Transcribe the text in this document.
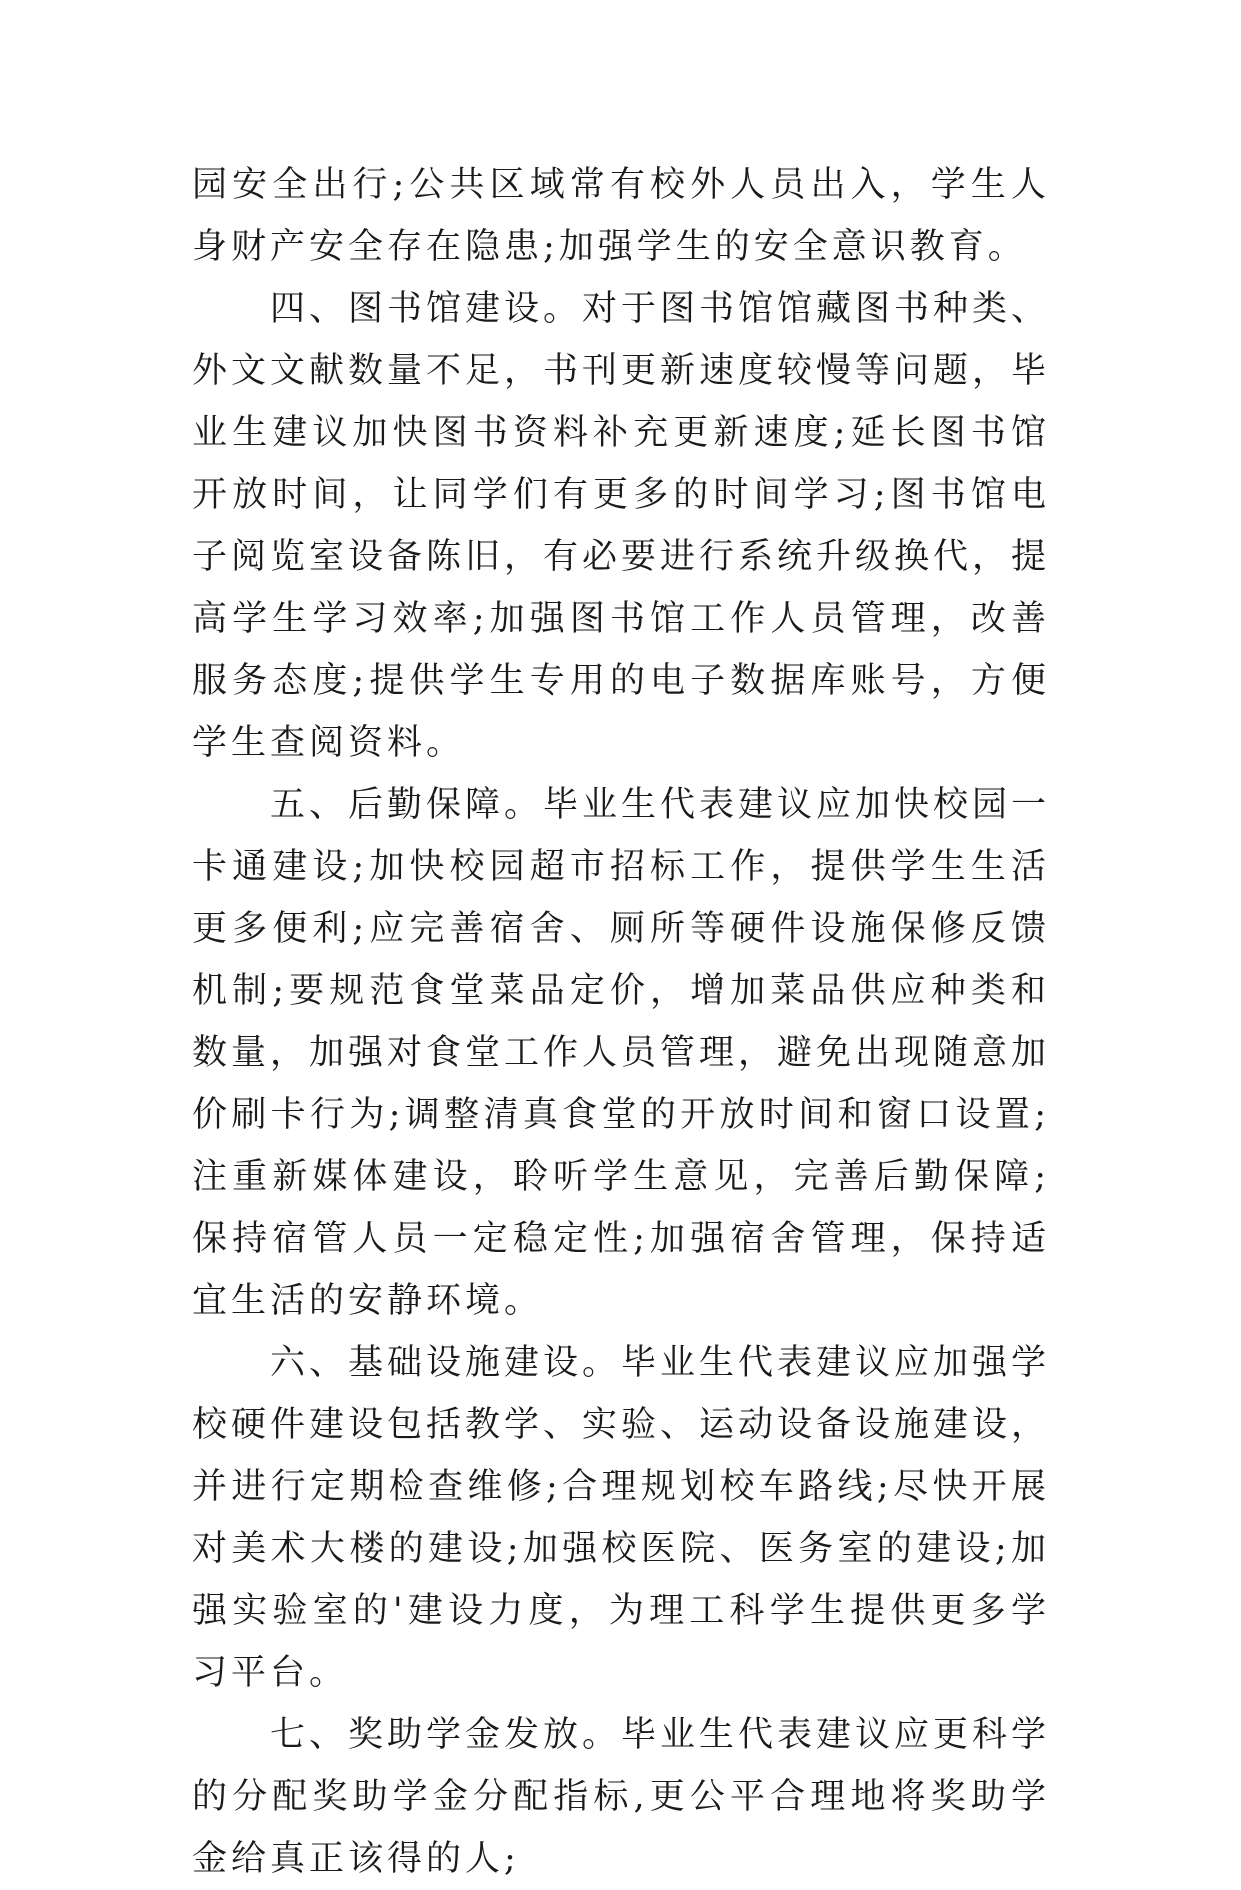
园安全出行;公共区域常有校外人员出入，学生人身财产安全存在隐患;加强学生的安全意识教育。

四、图书馆建设。对于图书馆馆藏图书种类、外文文献数量不足，书刊更新速度较慢等问题，毕业生建议加快图书资料补充更新速度;延长图书馆开放时间，让同学们有更多的时间学习;图书馆电子阅览室设备陈旧，有必要进行系统升级换代，提高学生学习效率;加强图书馆工作人员管理，改善服务态度;提供学生专用的电子数据库账号，方便学生查阅资料。

五、后勤保障。毕业生代表建议应加快校园一卡通建设;加快校园超市招标工作，提供学生生活更多便利;应完善宿舍、厕所等硬件设施保修反馈机制;要规范食堂菜品定价，增加菜品供应种类和数量，加强对食堂工作人员管理，避免出现随意加价刷卡行为;调整清真食堂的开放时间和窗口设置;注重新媒体建设，聆听学生意见，完善后勤保障;保持宿管人员一定稳定性;加强宿舍管理，保持适宜生活的安静环境。

六、基础设施建设。毕业生代表建议应加强学校硬件建设包括教学、实验、运动设备设施建设，并进行定期检查维修;合理规划校车路线;尽快开展对美术大楼的建设;加强校医院、医务室的建设;加强实验室的'建设力度，为理工科学生提供更多学习平台。

七、奖助学金发放。毕业生代表建议应更科学的分配奖助学金分配指标,更公平合理地将奖助学金给真正该得的人;
